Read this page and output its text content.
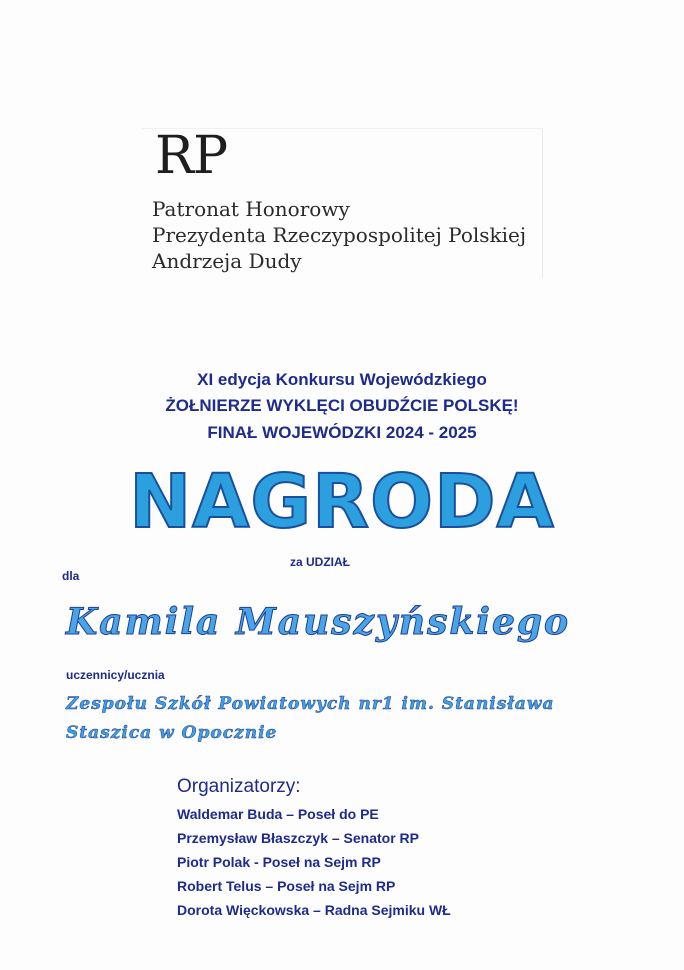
RP
Patronat Honorowy
Prezydenta Rzeczypospolitej Polskiej
Andrzeja Dudy
XI edycja Konkursu Wojewódzkiego
ŻOŁNIERZE WYKLĘCI OBUDŹCIE POLSKĘ!
FINAŁ WOJEWÓDZKI 2024 - 2025
NAGRODA
za UDZIAŁ
dla
Kamila Mauszyńskiego
uczennicy/ucznia
Zespołu Szkół Powiatowych nr1 im. Stanisława
Staszica w Opocznie
Organizatorzy:
Waldemar Buda – Poseł do PE
Przemysław Błaszczyk – Senator RP
Piotr Polak - Poseł na Sejm RP
Robert Telus – Poseł na Sejm RP
Dorota Więckowska – Radna Sejmiku WŁ
